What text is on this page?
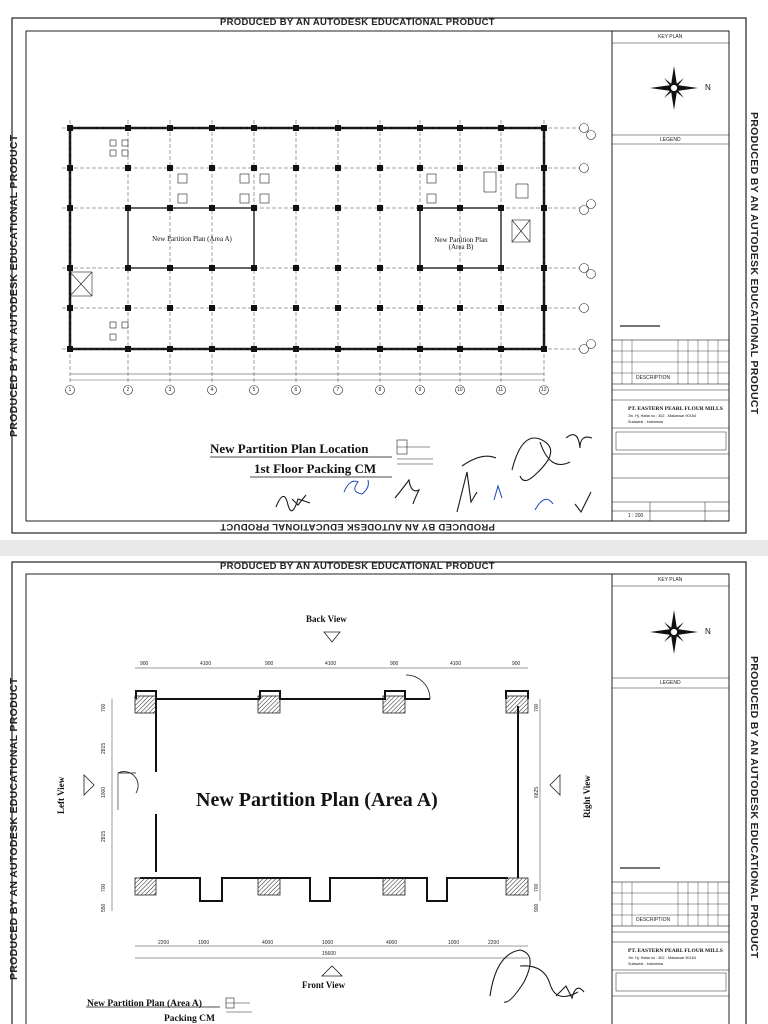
PRODUCED BY AN AUTODESK EDUCATIONAL PRODUCT
PRODUCED BY AN AUTODESK EDUCATIONAL PRODUCT
PRODUCED BY AN AUTODESK EDUCATIONAL PRODUCT	PRODUCED BY AN AUTODESK EDUCATIONAL PRODUCT
KEY PLAN
N
LEGEND
DESCRIPTION
PT. EASTERN PEARL FLOUR MILLS
Jln. Hj. Hatta no : 302 - Makassar 90164
Sulawesi - Indonesia
1 : 200
New Partition Plan (Area A)	New Partition Plan (Area B)
1	2	3	4	5	6	7	8	9	10	11	12
New Partition Plan Location
1st Floor Packing CM
PRODUCED BY AN AUTODESK EDUCATIONAL PRODUCT
PRODUCED BY AN AUTODESK EDUCATIONAL PRODUCT	PRODUCED BY AN AUTODESK EDUCATIONAL PRODUCT
KEY PLAN
N
LEGEND
DESCRIPTION
PT. EASTERN PEARL FLOUR MILLS
Jln. Hj. Hatta no : 302 - Makassar 90164
Sulawesi - Indonesia
Back View
Front View
Left View	Right View
New Partition Plan (Area A)
900	4100	900	4100	900	4100	900
2200	1000	4000	1000	4000	1000	2200
15600
700
2815
1000
2815
700
550
700
6825
700
900
New Partition Plan (Area A)
Packing CM
